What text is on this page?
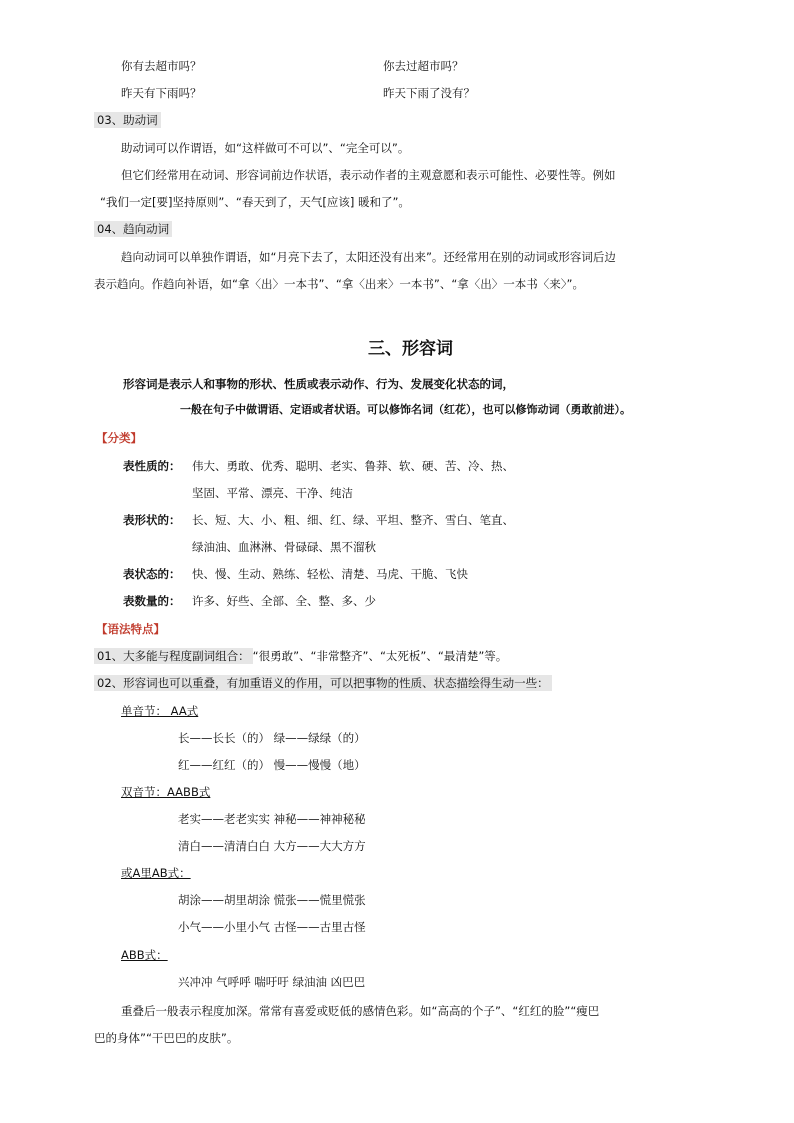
你有去超市吗？	你去过超市吗？
昨天有下雨吗？	昨天下雨了没有？
03、助动词
助动词可以作谓语，如“这样做可不可以”、“完全可以”。
但它们经常用在动词、形容词前边作状语，表示动作者的主观意愿和表示可能性、必要性等。例如
“我们一定[要]坚持原则”、“春天到了，天气[应该] 暖和了”。
04、趋向动词
趋向动词可以单独作谓语，如“月亮下去了，太阳还没有出来”。还经常用在别的动词或形容词后边
表示趋向。作趋向补语，如“拿〈出〉一本书”、“拿〈出来〉一本书”、“拿〈出〉一本书〈来〉”。
三、形容词
形容词是表示人和事物的形状、性质或表示动作、行为、发展变化状态的词，
一般在句子中做谓语、定语或者状语。可以修饰名词（红花），也可以修饰动词（勇敢前进）。
【分类】
表性质的： 伟大、勇敢、优秀、聪明、老实、鲁莽、软、硬、苦、冷、热、
坚固、平常、漂亮、干净、纯洁
表形状的： 长、短、大、小、粗、细、红、绿、平坦、整齐、雪白、笔直、
绿油油、血淋淋、骨碌碌、黑不溜秋
表状态的： 快、慢、生动、熟练、轻松、清楚、马虎、干脆、飞快
表数量的： 许多、好些、全部、全、整、多、少
【语法特点】
01、大多能与程度副词组合： “很勇敢”、“非常整齐”、“太死板”、“最清楚”等。
02、形容词也可以重叠，有加重语义的作用，可以把事物的性质、状态描绘得生动一些：
单音节： AA式
长——长长（的） 绿——绿绿（的）
红——红红（的） 慢——慢慢（地）
双音节：AABB式
老实——老老实实 神秘——神神秘秘
清白——清清白白 大方——大大方方
或A里AB式：
胡涂——胡里胡涂 慌张——慌里慌张
小气——小里小气 古怪——古里古怪
ABB式：
兴冲冲 气呼呼 喘吁吁 绿油油 凶巴巴
重叠后一般表示程度加深。常常有喜爱或贬低的感情色彩。如“高高的个子”、“红红的脸”“瘦巴
巴的身体”“干巴巴的皮肤”。
